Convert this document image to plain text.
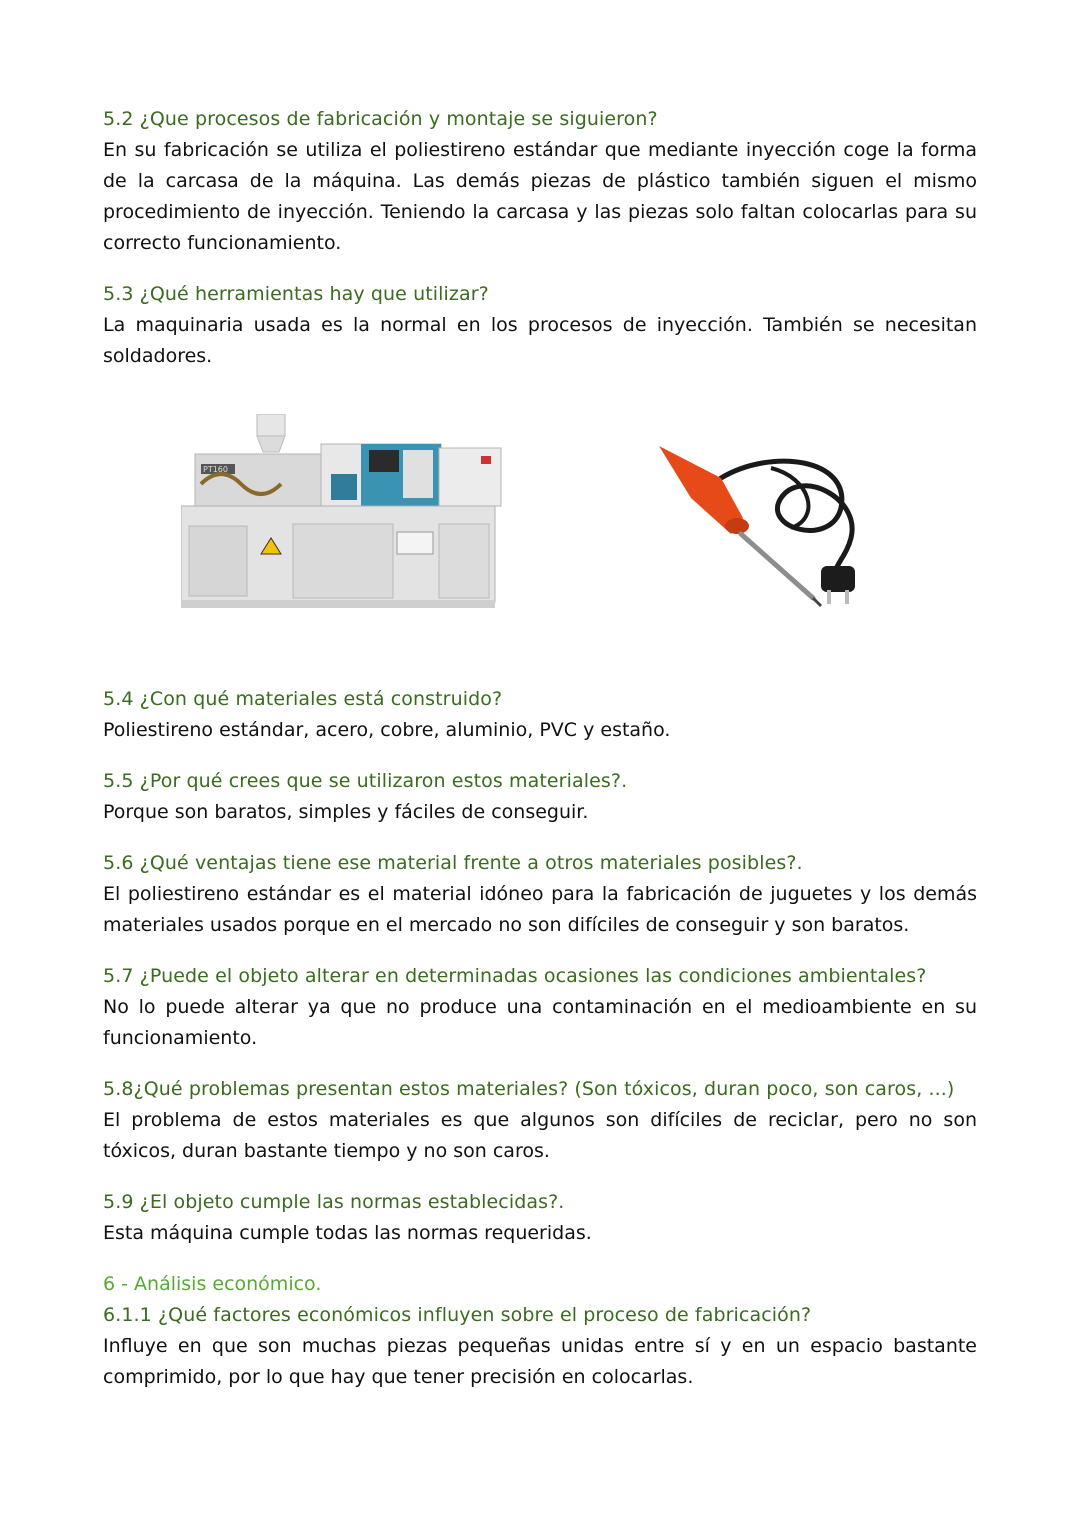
5.2 ¿Que procesos de fabricación y montaje se siguieron?

En su fabricación se utiliza el poliestireno estándar que mediante inyección coge la forma de la carcasa de la máquina. Las demás piezas de plástico también siguen el mismo procedimiento de inyección. Teniendo la carcasa y las piezas solo faltan colocarlas para su correcto funcionamiento.

5.3 ¿Qué herramientas hay que utilizar?

La maquinaria usada es la normal en los procesos de inyección. También se necesitan soldadores.

PT160

5.4 ¿Con qué materiales está construido?

Poliestireno estándar, acero, cobre, aluminio, PVC y estaño.

5.5 ¿Por qué crees que se utilizaron estos materiales?.

Porque son baratos, simples y fáciles de conseguir.

5.6 ¿Qué ventajas tiene ese material frente a otros materiales posibles?.

El poliestireno estándar es el material idóneo para la fabricación de juguetes y los demás materiales usados porque en el mercado no son difíciles de conseguir y son baratos.

5.7 ¿Puede el objeto alterar en determinadas ocasiones las condiciones ambientales?

No lo puede alterar ya que no produce una contaminación en el medioambiente en su funcionamiento.

5.8¿Qué problemas presentan estos materiales? (Son tóxicos, duran poco, son caros, ...)

El problema de estos materiales es que algunos son difíciles de reciclar, pero no son tóxicos, duran bastante tiempo y no son caros.

5.9 ¿El objeto cumple las normas establecidas?.

Esta máquina cumple todas las normas requeridas.

6 - Análisis económico.

6.1.1 ¿Qué factores económicos influyen sobre el proceso de fabricación?

Influye en que son muchas piezas pequeñas unidas entre sí y en un espacio bastante comprimido, por lo que hay que tener precisión en colocarlas.
